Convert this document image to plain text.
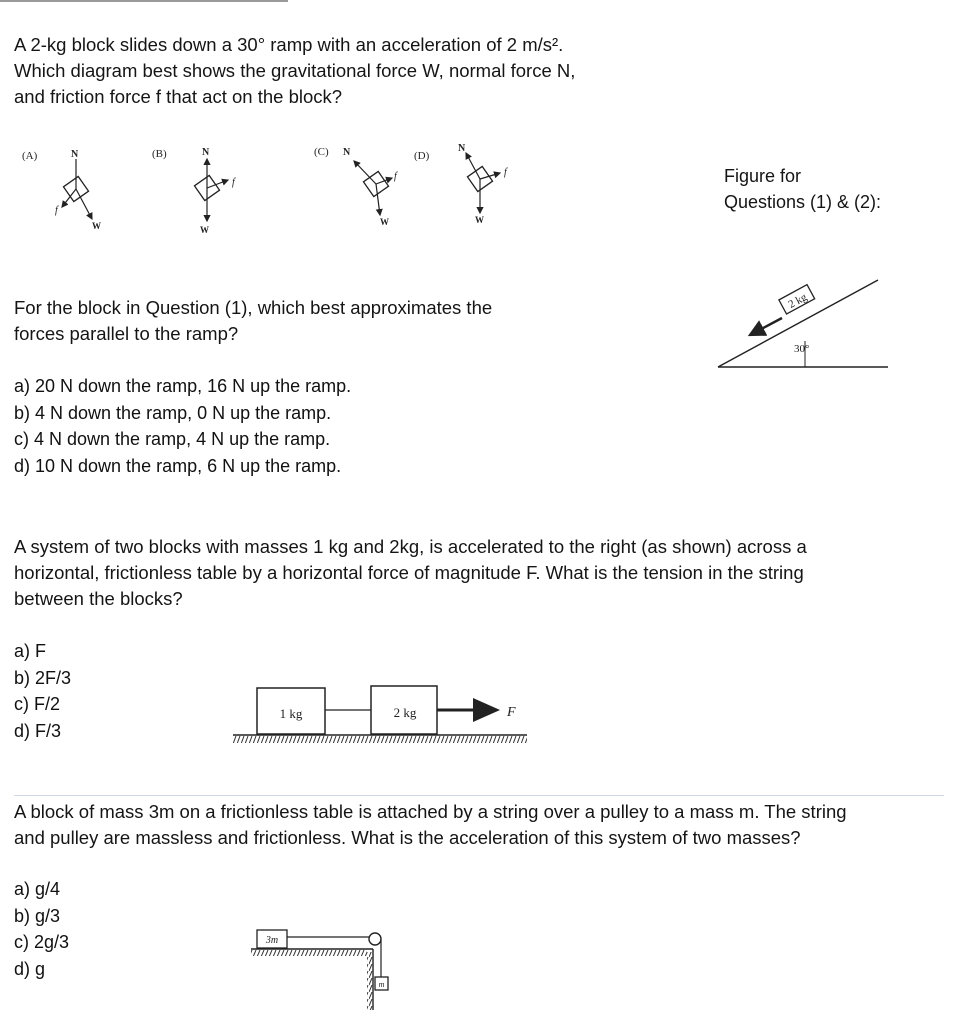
A 2-kg block slides down a 30° ramp with an acceleration of 2 m/s².
Which diagram best shows the gravitational force W, normal force N,
and friction force f that act on the block?
(A)	N
f
W
(B)	N
f
W
(C) N
f
W
(D)
N
f
W
Figure for
Questions (1) & (2):
2 kg
30°
For the block in Question (1), which best approximates the
forces parallel to the ramp?
a) 20 N down the ramp, 16 N up the ramp.
b) 4 N down the ramp, 0 N up the ramp.
c) 4 N down the ramp, 4 N up the ramp.
d) 10 N down the ramp, 6 N up the ramp.
A system of two blocks with masses 1 kg and 2kg, is accelerated to the right (as shown) across a
horizontal, frictionless table by a horizontal force of magnitude F. What is the tension in the string
between the blocks?
a) F
b) 2F/3
c) F/2
d) F/3
1 kg	2 kg	F
A block of mass 3m on a frictionless table is attached by a string over a pulley to a mass m. The string
and pulley are massless and frictionless. What is the acceleration of this system of two masses?
a) g/4
b) g/3
c) 2g/3
d) g
3m
m
